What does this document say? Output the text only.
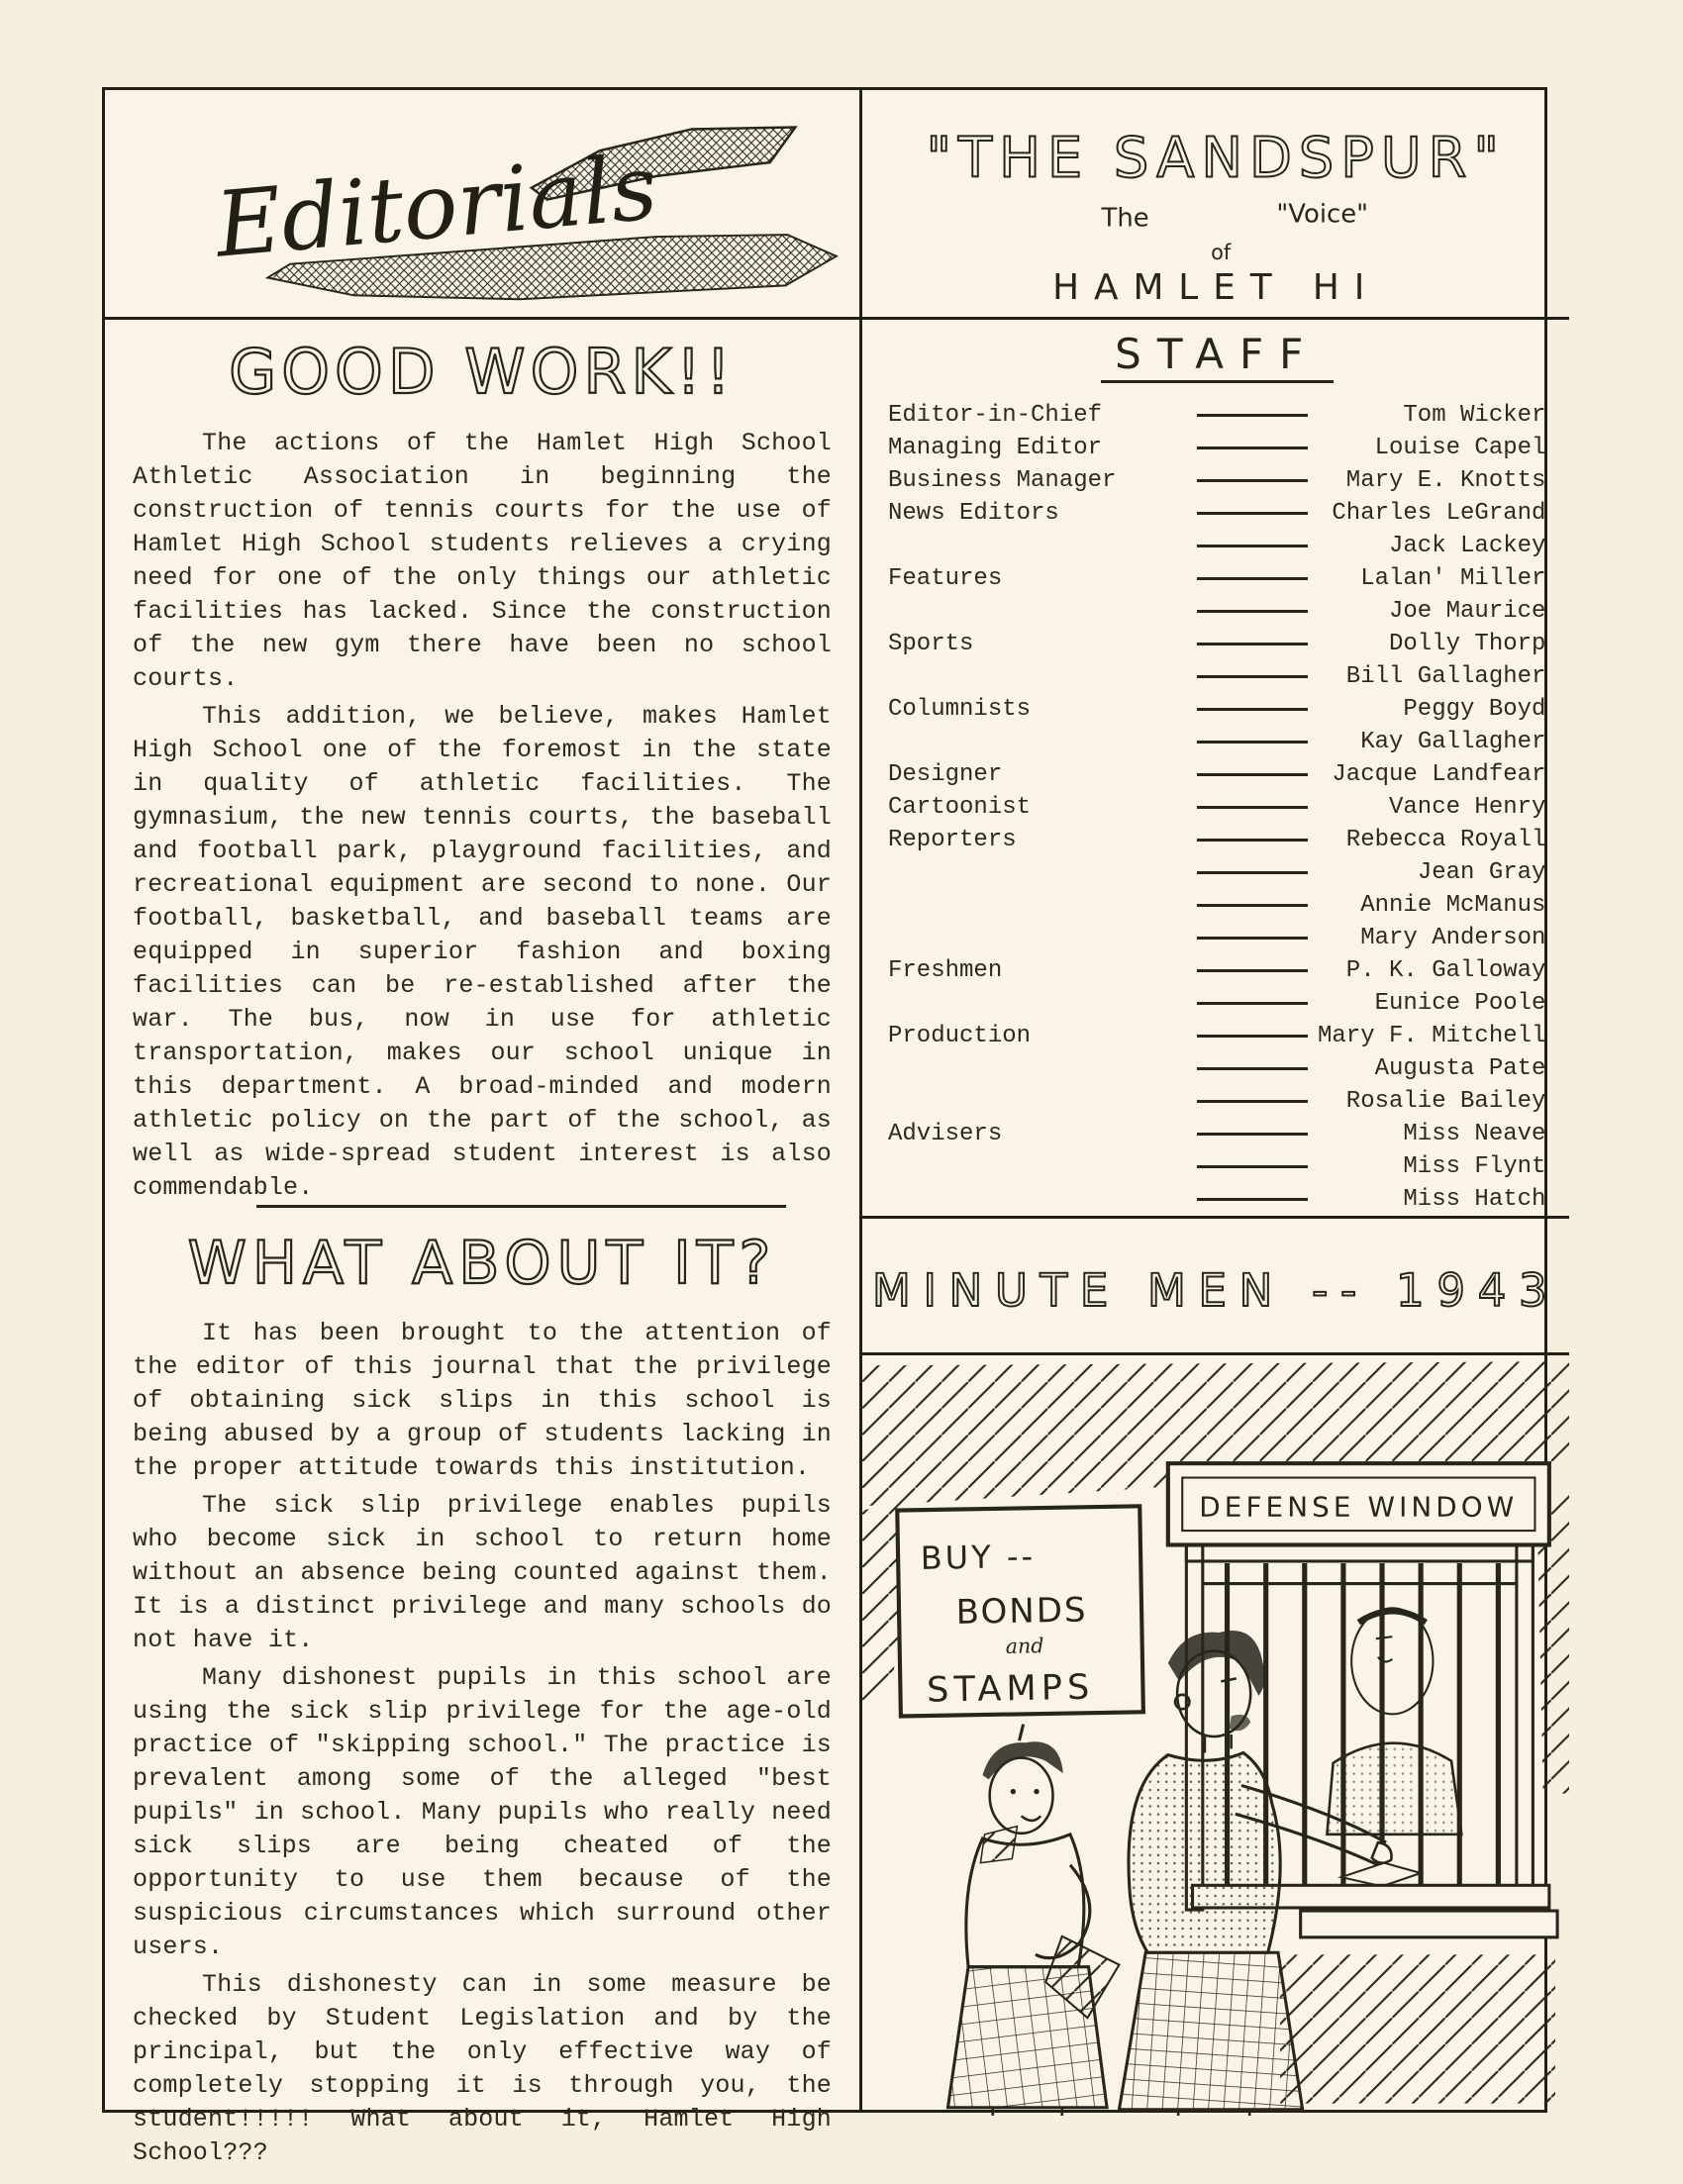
Editorials
GOOD WORK!!

The actions of the Hamlet High School Athletic Association in beginning the construction of tennis courts for the use of Hamlet High School students relieves a crying need for one of the only things our athletic facilities has lacked. Since the construction of the new gym there have been no school courts.

This addition, we believe, makes Hamlet High School one of the foremost in the state in quality of athletic facilities. The gymnasium, the new tennis courts, the baseball and football park, playground facilities, and recreational equipment are second to none. Our football, basketball, and baseball teams are equipped in superior fashion and boxing facilities can be re-established after the war. The bus, now in use for athletic transportation, makes our school unique in this department. A broad-minded and modern athletic policy on the part of the school, as well as wide-spread student interest is also commendable.

WHAT ABOUT IT?

It has been brought to the attention of the editor of this journal that the privilege of obtaining sick slips in this school is being abused by a group of students lacking in the proper attitude towards this institution.

The sick slip privilege enables pupils who become sick in school to return home without an absence being counted against them. It is a distinct privilege and many schools do not have it.

Many dishonest pupils in this school are using the sick slip privilege for the age-old practice of "skipping school." The practice is prevalent among some of the alleged "best pupils" in school. Many pupils who really need sick slips are being cheated of the opportunity to use them because of the suspicious circumstances which surround other users.

This dishonesty can in some measure be checked by Student Legislation and by the principal, but the only effective way of completely stopping it is through you, the student!!!!! What about it, Hamlet High School???

"THE SANDSPUR"
The	"Voice"
of
HAMLET HI
STAFF
Editor-in-Chief	Tom Wicker
Managing Editor	Louise Capel
Business Manager	Mary E. Knotts
News Editors	Charles LeGrand
Jack Lackey
Features	Lalan' Miller
Joe Maurice
Sports	Dolly Thorp
Bill Gallagher
Columnists	Peggy Boyd
Kay Gallagher
Designer	Jacque Landfear
Cartoonist	Vance Henry
Reporters	Rebecca Royall
Jean Gray
Annie McManus
Mary Anderson
Freshmen	P. K. Galloway
Eunice Poole
Production	Mary F. Mitchell
Augusta Pate
Rosalie Bailey
Advisers	Miss Neave
Miss Flynt
Miss Hatch
MINUTE MEN -- 1943
BUY --
BONDS
and
STAMPS
DEFENSE WINDOW
